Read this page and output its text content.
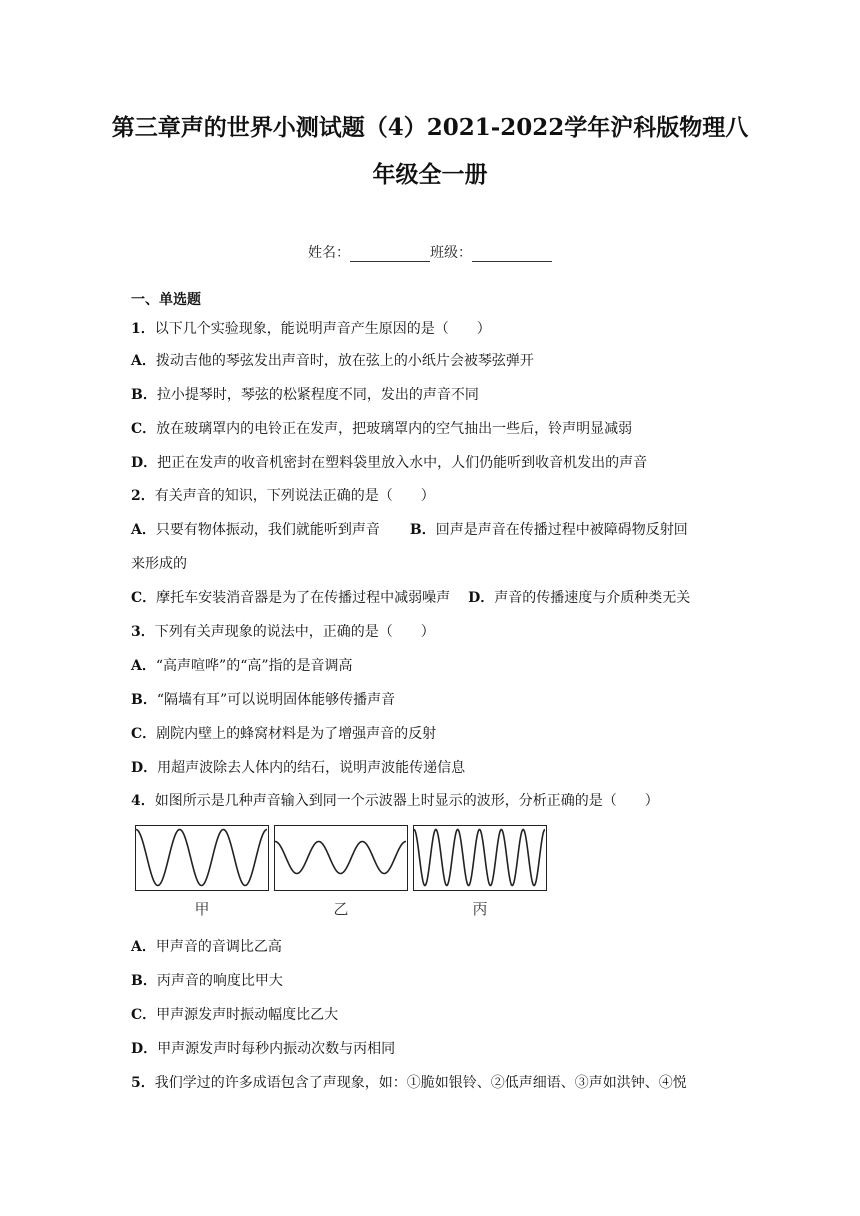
第三章声的世界小测试题（4）2021-2022学年沪科版物理八
年级全一册
姓名：	班级：
一、单选题
1．以下几个实验现象，能说明声音产生原因的是（　　）
A．拨动吉他的琴弦发出声音时，放在弦上的小纸片会被琴弦弹开
B．拉小提琴时，琴弦的松紧程度不同，发出的声音不同
C．放在玻璃罩内的电铃正在发声，把玻璃罩内的空气抽出一些后，铃声明显减弱
D．把正在发声的收音机密封在塑料袋里放入水中，人们仍能听到收音机发出的声音
2．有关声音的知识，下列说法正确的是（　　）
A．只要有物体振动，我们就能听到声音 B．回声是声音在传播过程中被障碍物反射回
来形成的
C．摩托车安装消音器是为了在传播过程中减弱噪声 D．声音的传播速度与介质种类无关
3．下列有关声现象的说法中，正确的是（　　）
A．“高声喧哗”的“高”指的是音调高
B．“隔墙有耳”可以说明固体能够传播声音
C．剧院内壁上的蜂窝材料是为了增强声音的反射
D．用超声波除去人体内的结石，说明声波能传递信息
4．如图所示是几种声音输入到同一个示波器上时显示的波形，分析正确的是（　　）
甲	乙	丙
A．甲声音的音调比乙高
B．丙声音的响度比甲大
C．甲声源发声时振动幅度比乙大
D．甲声源发声时每秒内振动次数与丙相同
5．我们学过的许多成语包含了声现象，如：①脆如银铃、②低声细语、③声如洪钟、④悦
